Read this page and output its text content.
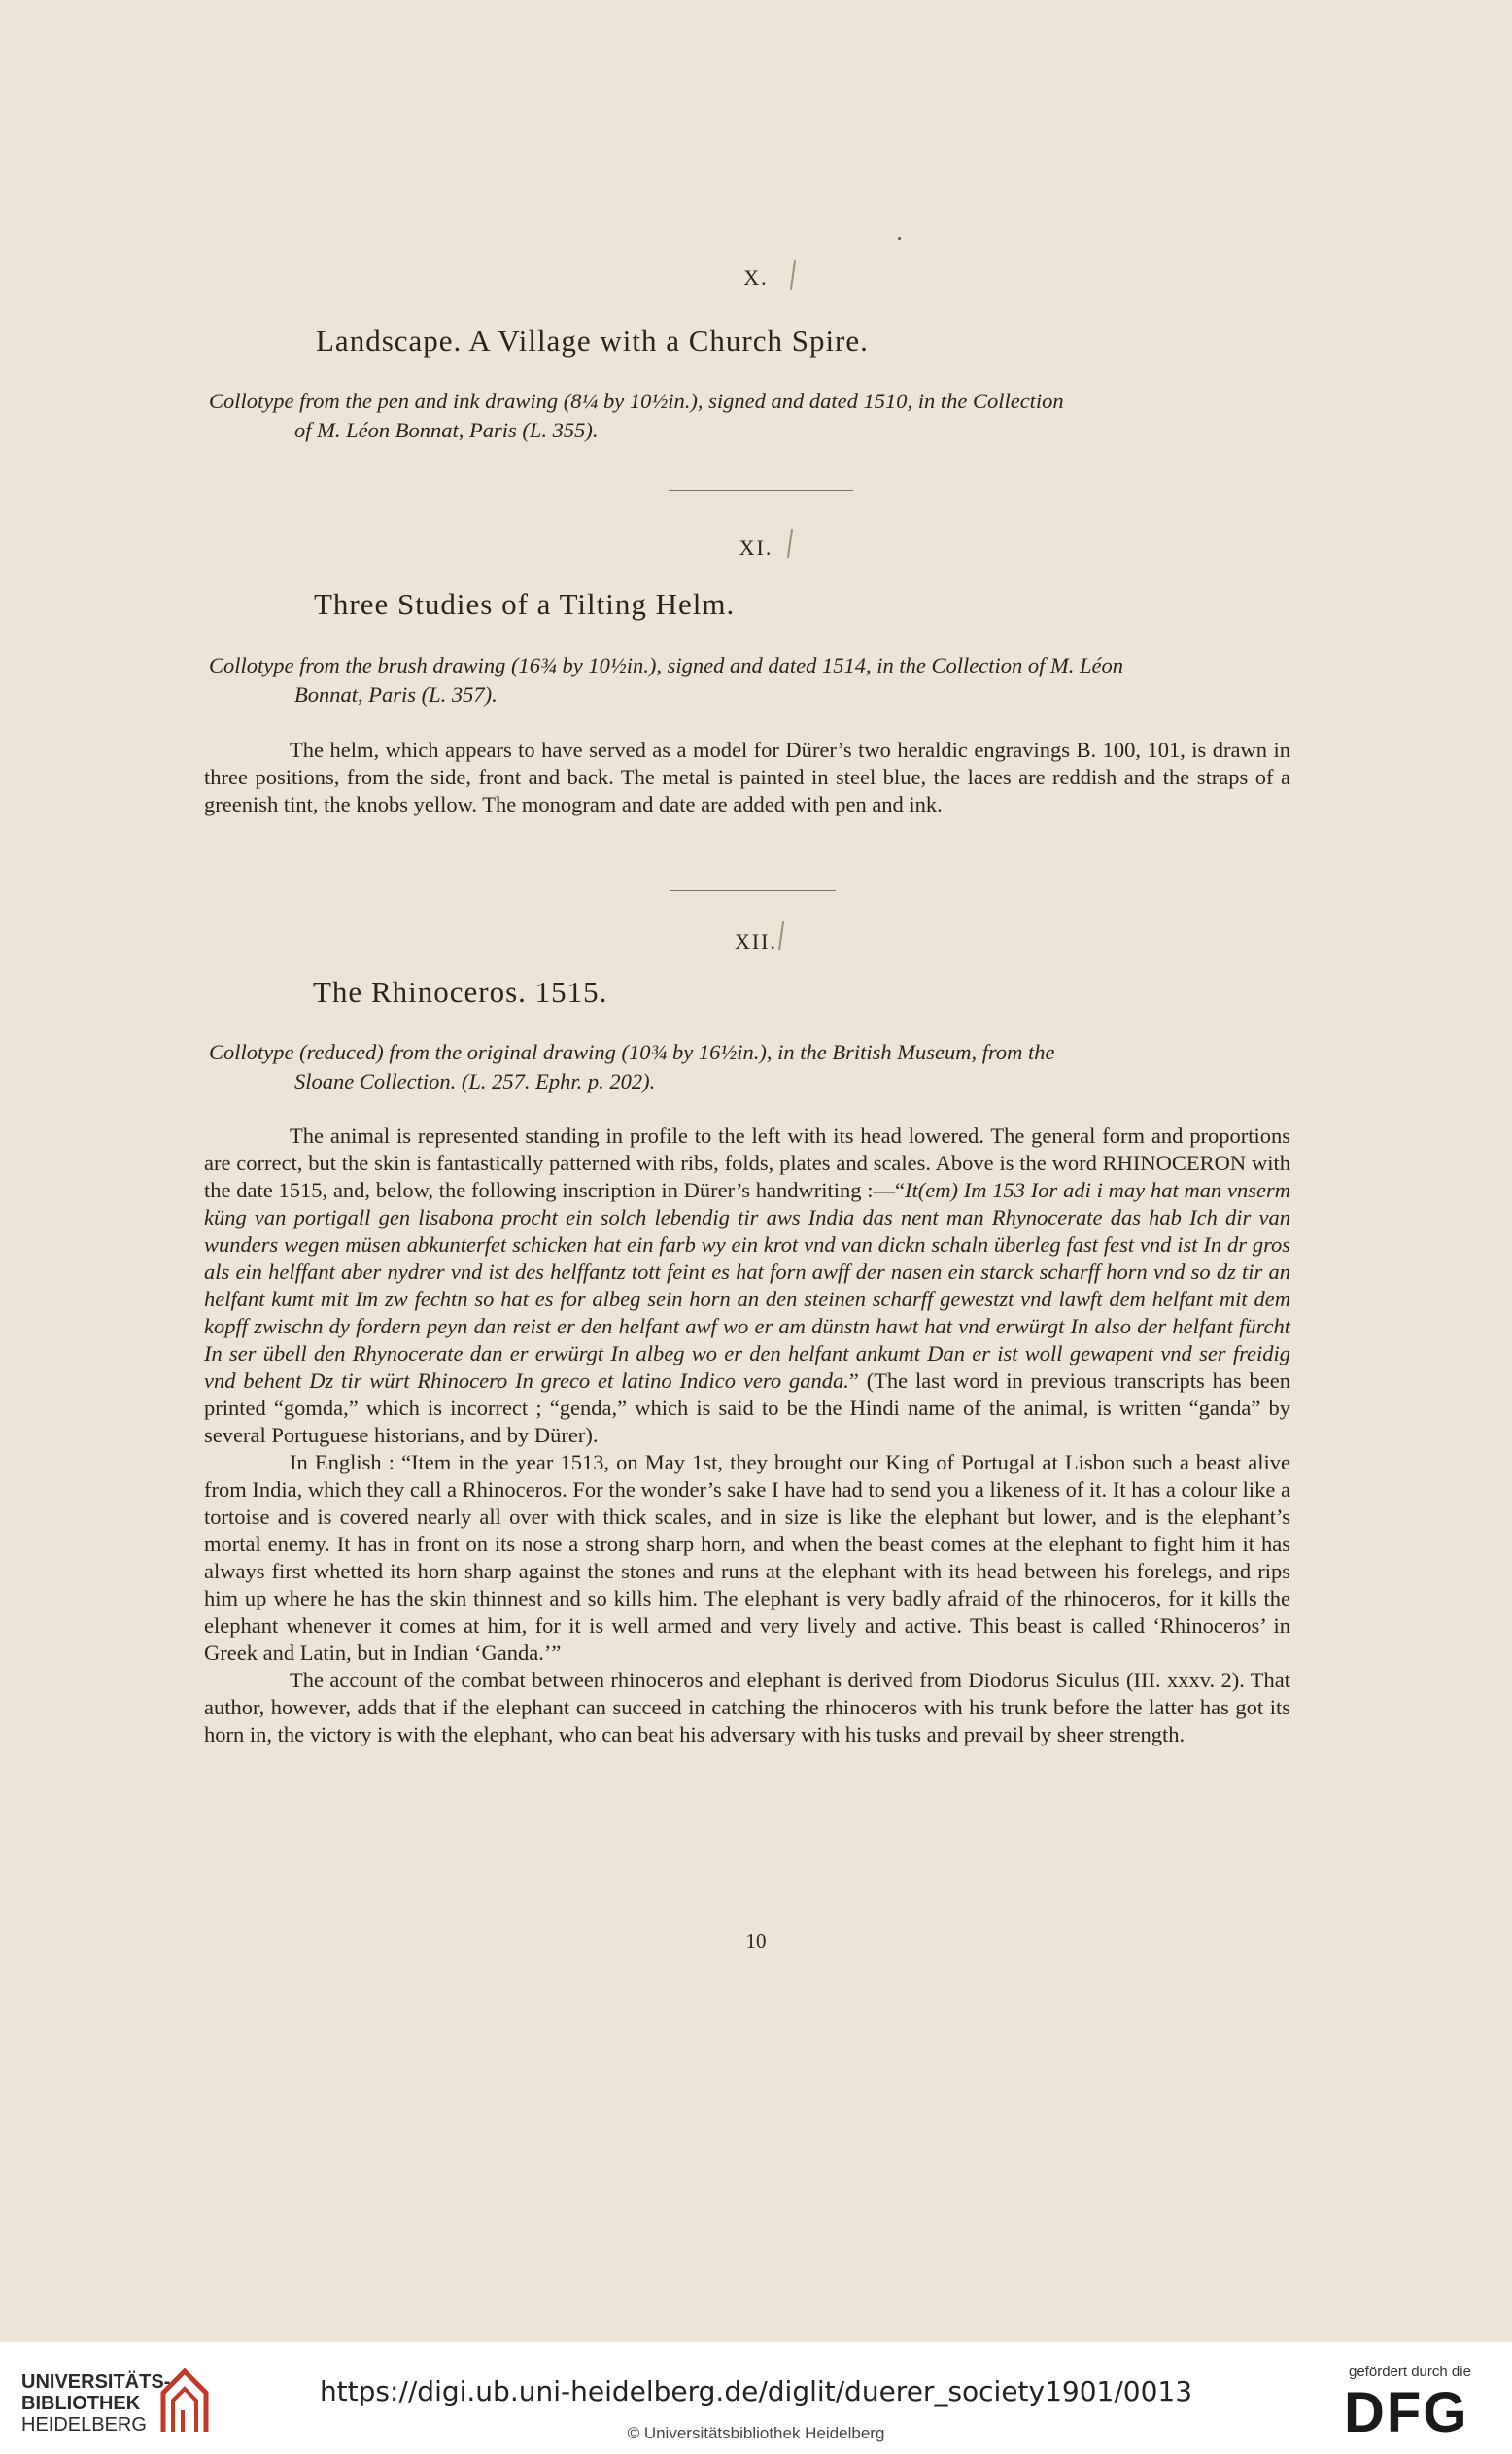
X.
Landscape. A Village with a Church Spire.
Collotype from the pen and ink drawing (8¼ by 10½in.), signed and dated 1510, in the Collection
of M. Léon Bonnat, Paris (L. 355).
XI.
Three Studies of a Tilting Helm.
Collotype from the brush drawing (16¾ by 10½in.), signed and dated 1514, in the Collection of M. Léon
Bonnat, Paris (L. 357).

The helm, which appears to have served as a model for Dürer’s two heraldic engravings B. 100, 101, is drawn in three positions, from the side, front and back. The metal is painted in steel blue, the laces are reddish and the straps of a greenish tint, the knobs yellow. The monogram and date are added with pen and ink.

XII.
The Rhinoceros. 1515.
Collotype (reduced) from the original drawing (10¾ by 16½in.), in the British Museum, from the
Sloane Collection. (L. 257. Ephr. p. 202).

The animal is represented standing in profile to the left with its head lowered. The general form and proportions are correct, but the skin is fantastically patterned with ribs, folds, plates and scales. Above is the word RHINOCERON with the date 1515, and, below, the following inscription in Dürer’s handwriting :—“It(em) Im 153 Ior adi i may hat man vnserm küng van portigall gen lisabona procht ein solch lebendig tir aws India das nent man Rhynocerate das hab Ich dir van wunders wegen müsen abkunterfet schicken hat ein farb wy ein krot vnd van dickn schaln überleg fast fest vnd ist In dr gros als ein helffant aber nydrer vnd ist des helffantz tott feint es hat forn awff der nasen ein starck scharff horn vnd so dz tir an helfant kumt mit Im zw fechtn so hat es for albeg sein horn an den steinen scharff gewestzt vnd lawft dem helfant mit dem kopff zwischn dy fordern peyn dan reist er den helfant awf wo er am dünstn hawt hat vnd erwürgt In also der helfant fürcht In ser übell den Rhynocerate dan er erwürgt In albeg wo er den helfant ankumt Dan er ist woll gewapent vnd ser freidig vnd behent Dz tir würt Rhinocero In greco et latino Indico vero ganda.” (The last word in previous transcripts has been printed “gomda,” which is incorrect ; “genda,” which is said to be the Hindi name of the animal, is written “ganda” by several Portuguese historians, and by Dürer).

In English : “Item in the year 1513, on May 1st, they brought our King of Portugal at Lisbon such a beast alive from India, which they call a Rhinoceros. For the wonder’s sake I have had to send you a likeness of it. It has a colour like a tortoise and is covered nearly all over with thick scales, and in size is like the elephant but lower, and is the elephant’s mortal enemy. It has in front on its nose a strong sharp horn, and when the beast comes at the elephant to fight him it has always first whetted its horn sharp against the stones and runs at the elephant with its head between his forelegs, and rips him up where he has the skin thinnest and so kills him. The elephant is very badly afraid of the rhinoceros, for it kills the elephant whenever it comes at him, for it is well armed and very lively and active. This beast is called ‘Rhinoceros’ in Greek and Latin, but in Indian ‘Ganda.’”

The account of the combat between rhinoceros and elephant is derived from Diodorus Siculus (III. xxxv. 2). That author, however, adds that if the elephant can succeed in catching the rhinoceros with his trunk before the latter has got its horn in, the victory is with the elephant, who can beat his adversary with his tusks and prevail by sheer strength.

10
UNIVERSITÄTS-
BIBLIOTHEK
HEIDELBERG
https://digi.ub.uni-heidelberg.de/diglit/duerer_society1901/0013
© Universitätsbibliothek Heidelberg
gefördert durch die
DFG
